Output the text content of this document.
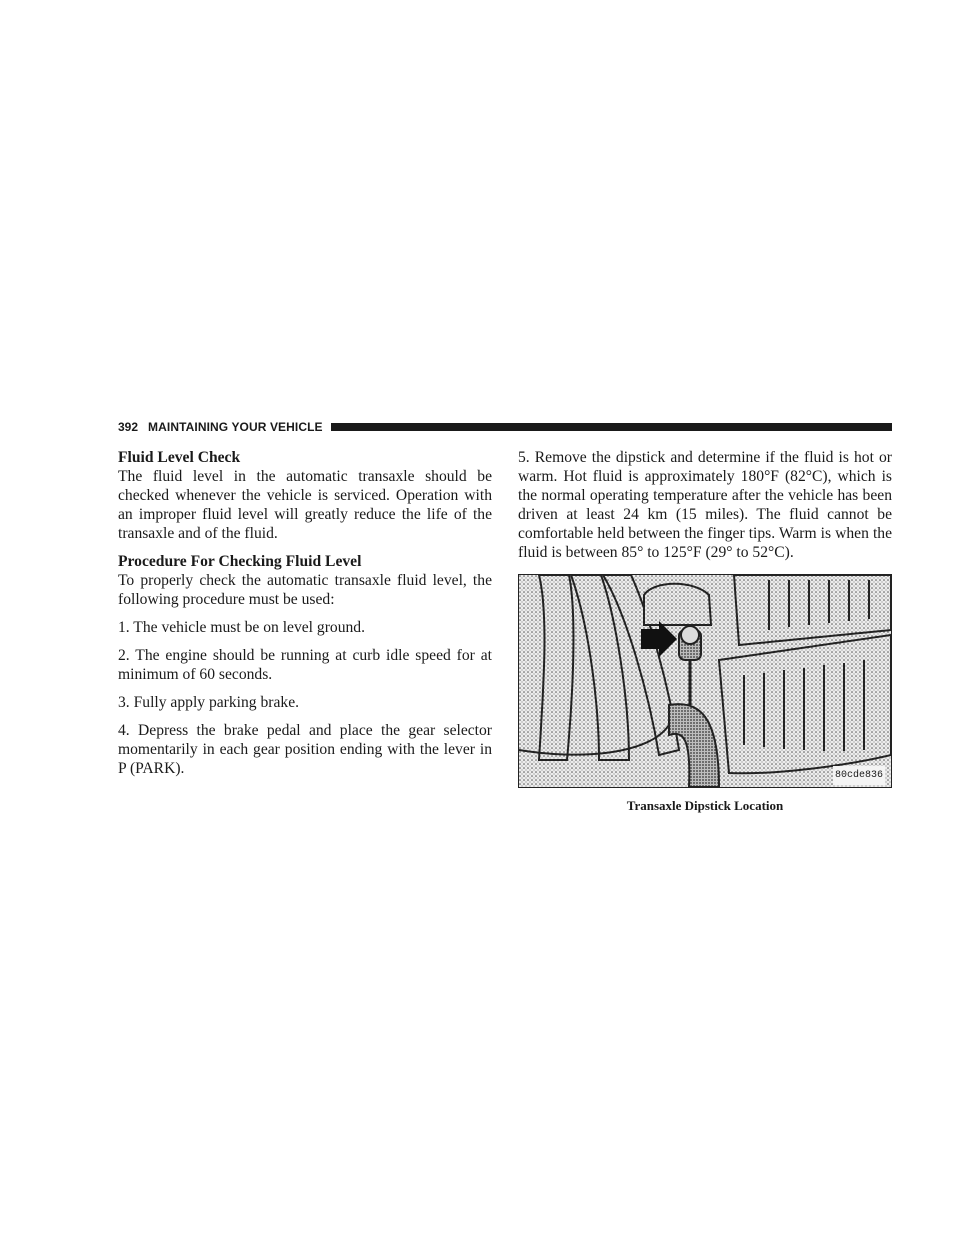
392 MAINTAINING YOUR VEHICLE
Fluid Level Check

The fluid level in the automatic transaxle should be checked whenever the vehicle is serviced. Operation with an improper fluid level will greatly reduce the life of the transaxle and of the fluid.

Procedure For Checking Fluid Level

To properly check the automatic transaxle fluid level, the following procedure must be used:

1. The vehicle must be on level ground.

2. The engine should be running at curb idle speed for at minimum of 60 seconds.

3. Fully apply parking brake.

4. Depress the brake pedal and place the gear selector momentarily in each gear position ending with the lever in P (PARK).

5. Remove the dipstick and determine if the fluid is hot or warm. Hot fluid is approximately 180°F (82°C), which is the normal operating temperature after the vehicle has been driven at least 24 km (15 miles). The fluid cannot be comfortable held between the finger tips. Warm is when the fluid is between 85° to 125°F (29° to 52°C).

80cde836
Transaxle Dipstick Location
